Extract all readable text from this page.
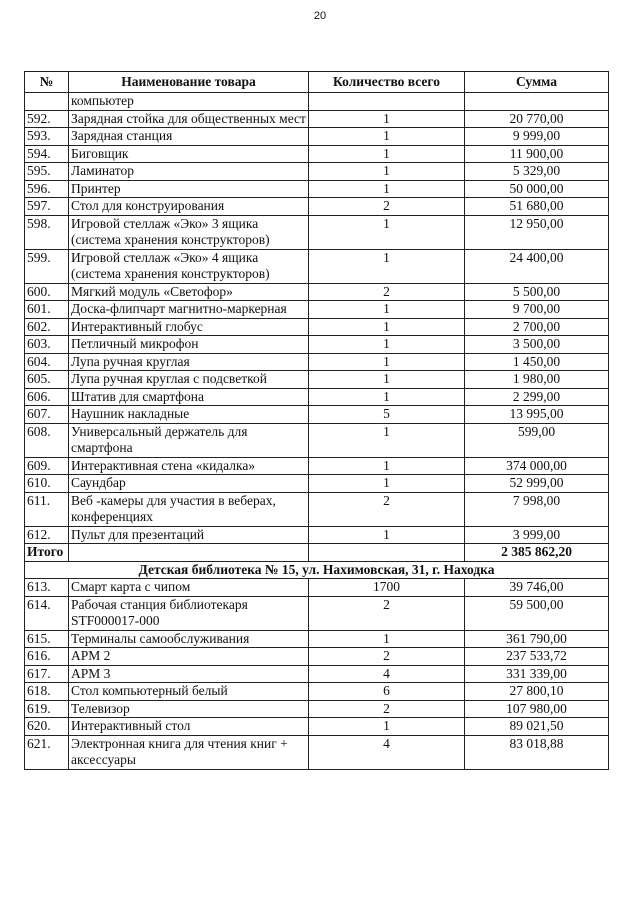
20
№	Наименование товара	Количество всего	Сумма
	компьютер		
592.	Зарядная стойка для общественных мест	1	20 770,00
593.	Зарядная станция	1	9 999,00
594.	Биговщик	1	11 900,00
595.	Ламинатор	1	5 329,00
596.	Принтер	1	50 000,00
597.	Стол для конструирования	2	51 680,00
598.	Игровой стеллаж «Эко» 3 ящика (система хранения конструкторов)	1	12 950,00
599.	Игровой стеллаж «Эко» 4 ящика (система хранения конструкторов)	1	24 400,00
600.	Мягкий модуль «Светофор»	2	5 500,00
601.	Доска-флипчарт магнитно-маркерная	1	9 700,00
602.	Интерактивный глобус	1	2 700,00
603.	Петличный микрофон	1	3 500,00
604.	Лупа ручная круглая	1	1 450,00
605.	Лупа ручная круглая с подсветкой	1	1 980,00
606.	Штатив для смартфона	1	2 299,00
607.	Наушник накладные	5	13 995,00
608.	Универсальный держатель для смартфона	1	599,00
609.	Интерактивная стена «кидалка»	1	374 000,00
610.	Саундбар	1	52 999,00
611.	Веб -камеры для участия в веберах, конференциях	2	7 998,00
612.	Пульт для презентаций	1	3 999,00
Итого			2 385 862,20
Детская библиотека № 15, ул. Нахимовская, 31, г. Находка			
613.	Смарт карта с чипом	1700	39 746,00
614.	Рабочая станция библиотекаря STF000017-000	2	59 500,00
615.	Терминалы самообслуживания	1	361 790,00
616.	АРМ 2	2	237 533,72
617.	АРМ 3	4	331 339,00
618.	Стол компьютерный белый	6	27 800,10
619.	Телевизор	2	107 980,00
620.	Интерактивный стол	1	89 021,50
621.	Электронная книга для чтения книг + аксессуары	4	83 018,88
